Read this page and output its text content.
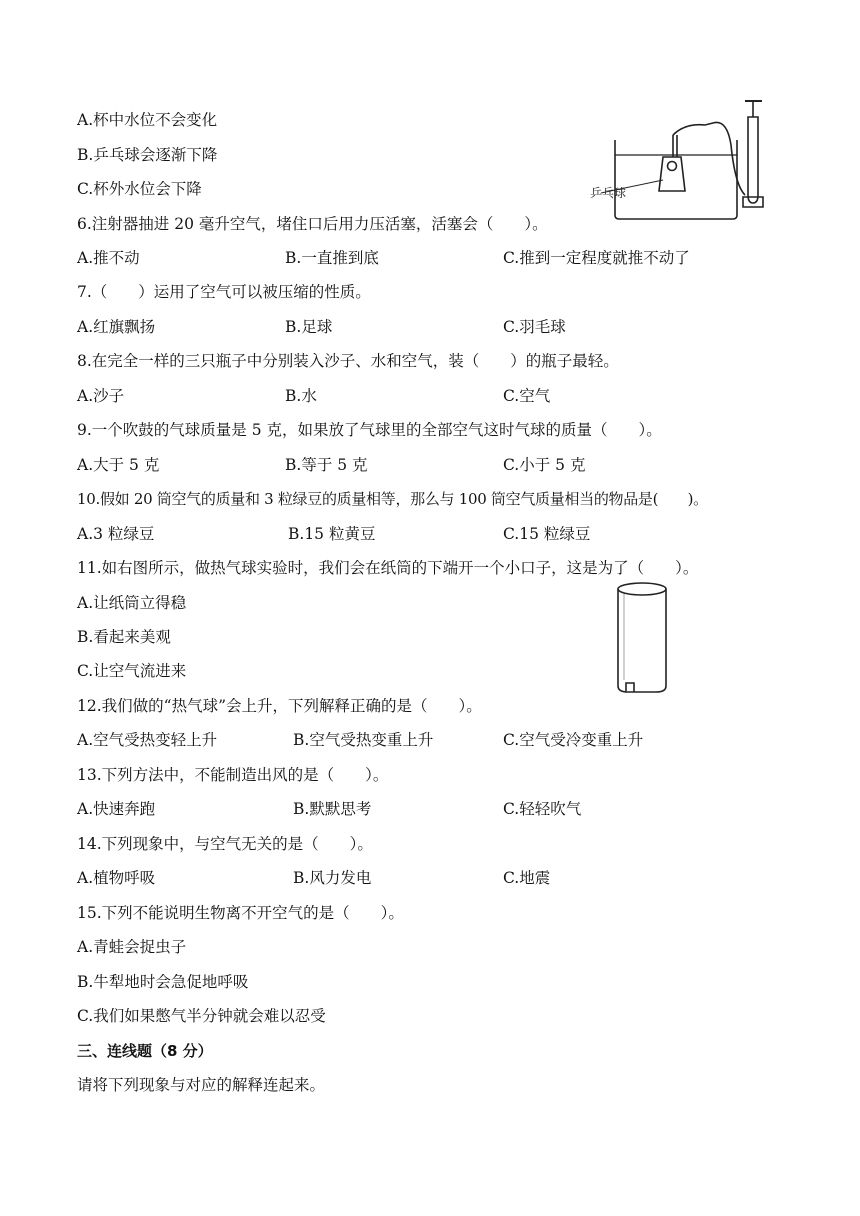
A.杯中水位不会变化
B.乒乓球会逐渐下降
C.杯外水位会下降	乒乓球
6.注射器抽进 20 毫升空气，堵住口后用力压活塞，活塞会（　　）。
A.推不动	B.一直推到底	C.推到一定程度就推不动了
7.（　　）运用了空气可以被压缩的性质。
A.红旗飘扬	B.足球	C.羽毛球
8.在完全一样的三只瓶子中分别装入沙子、水和空气，装（　　）的瓶子最轻。
A.沙子	B.水	C.空气
9.一个吹鼓的气球质量是 5 克，如果放了气球里的全部空气这时气球的质量（　　）。
A.大于 5 克	B.等于 5 克	C.小于 5 克
10.假如 20 筒空气的质量和 3 粒绿豆的质量相等，那么与 100 筒空气质量相当的物品是(　　)。
A.3 粒绿豆	B.15 粒黄豆	C.15 粒绿豆
11.如右图所示，做热气球实验时，我们会在纸筒的下端开一个小口子，这是为了（　　）。
A.让纸筒立得稳
B.看起来美观
C.让空气流进来
12.我们做的“热气球”会上升，下列解释正确的是（　　）。
A.空气受热变轻上升	B.空气受热变重上升	C.空气受冷变重上升
13.下列方法中，不能制造出风的是（　　）。
A.快速奔跑	B.默默思考	C.轻轻吹气
14.下列现象中，与空气无关的是（　　）。
A.植物呼吸	B.风力发电	C.地震
15.下列不能说明生物离不开空气的是（　　）。
A.青蛙会捉虫子
B.牛犁地时会急促地呼吸
C.我们如果憋气半分钟就会难以忍受
三、连线题（8 分）
请将下列现象与对应的解释连起来。
